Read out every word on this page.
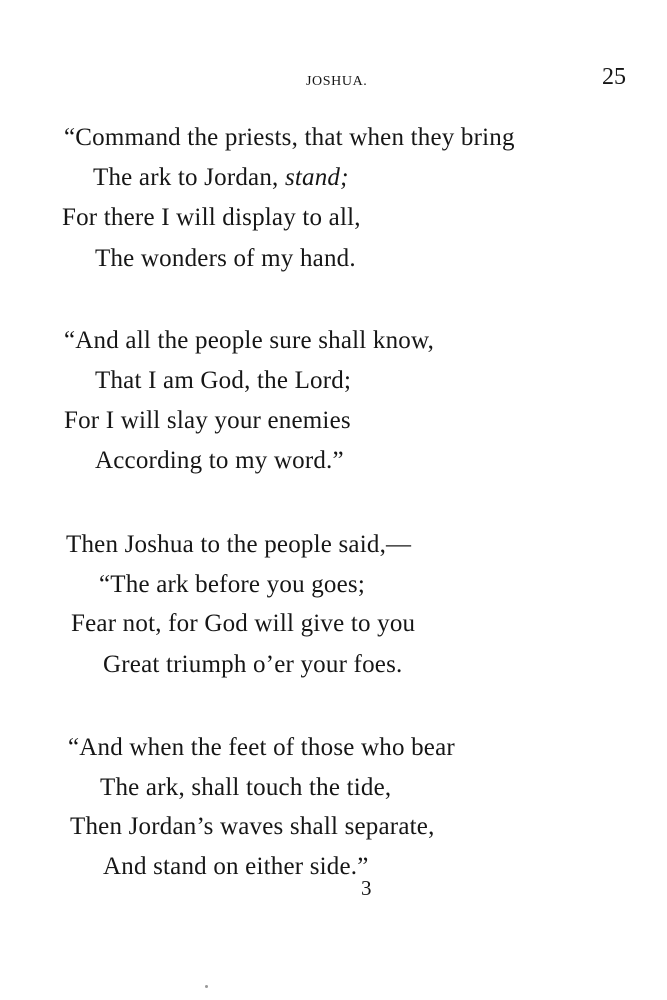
JOSHUA.	25
“Command the priests, that when they bring
The ark to Jordan, stand;
For there I will display to all,
The wonders of my hand.
“And all the people sure shall know,
That I am God, the Lord;
For I will slay your enemies
According to my word.”
Then Joshua to the people said,—
“The ark before you goes;
Fear not, for God will give to you
Great triumph o’er your foes.
“And when the feet of those who bear
The ark, shall touch the tide,
Then Jordan’s waves shall separate,
And stand on either side.”
3
